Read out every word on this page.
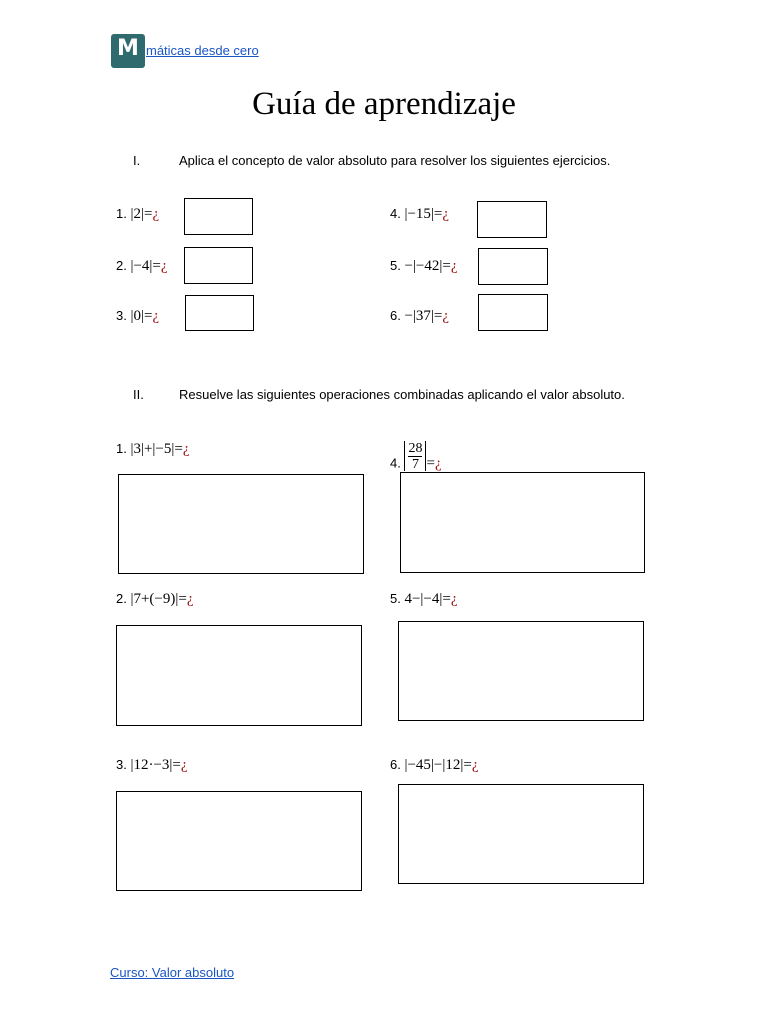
M máticas desde cero
Guía de aprendizaje
I.	Aplica el concepto de valor absoluto para resolver los siguientes ejercicios.
1. |2|=¿
2. |−4|=¿
3. |0|=¿
4. |−15|=¿
5. −|−42|=¿
6. −|37|=¿
II.	Resuelve las siguientes operaciones combinadas aplicando el valor absoluto.
1. |3|+|−5|=¿
4. $\frac{28}{7}$ =¿
2. |7+(−9)|=¿	5. 4−|−4|=¿
3. |12·−3|=¿	6. |−45|−|12|=¿
Curso: Valor absoluto
